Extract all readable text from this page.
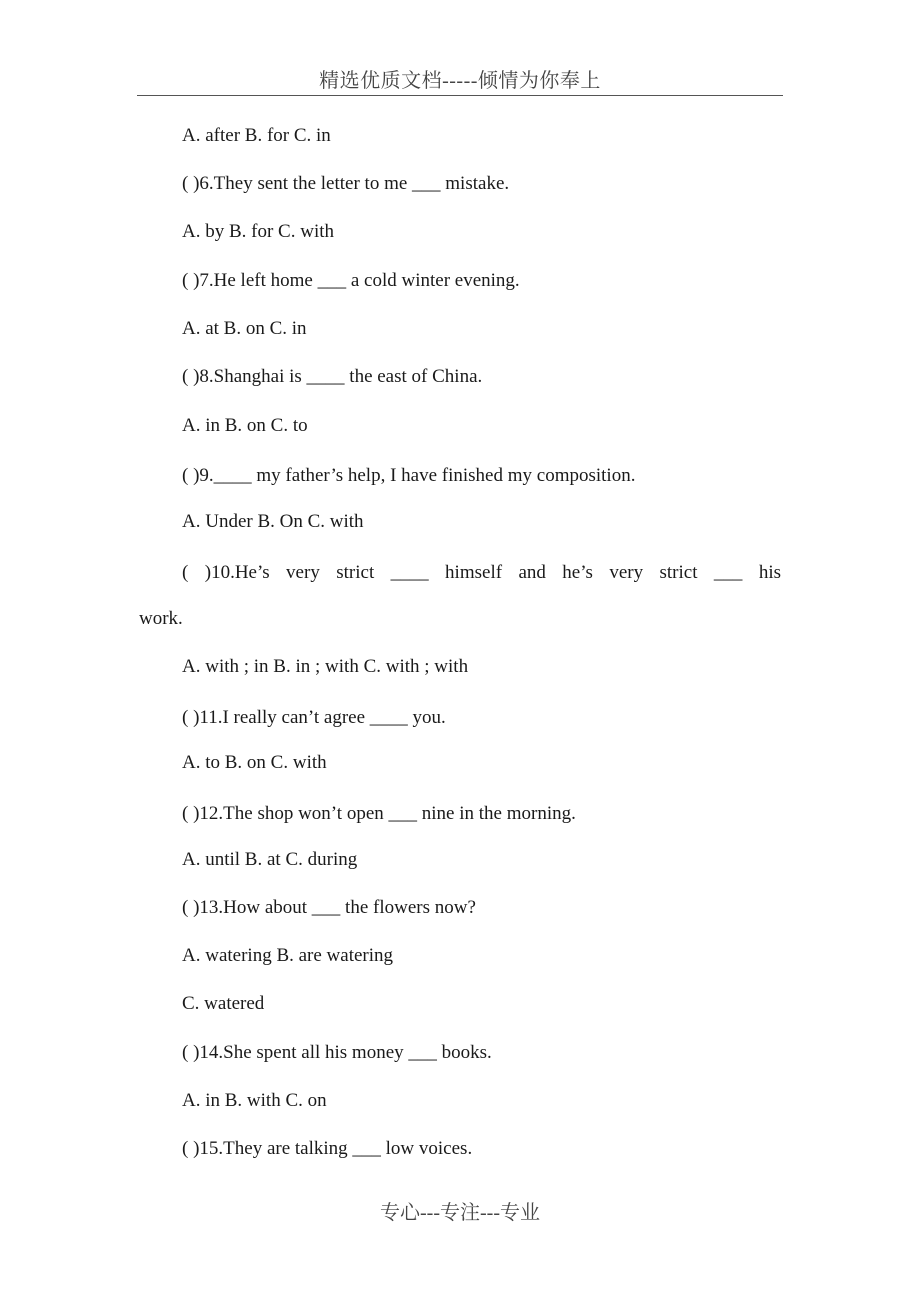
精选优质文档-----倾情为你奉上
A. after B. for C. in
( )6.They sent the letter to me ___ mistake.
A. by B. for C. with
( )7.He left home ___ a cold winter evening.
A. at B. on C. in
( )8.Shanghai is ____ the east of China.
A. in B. on C. to
( )9.____ my father’s help, I have finished my composition.
A. Under B. On C. with
( )10.He’s very strict ____ himself and he’s very strict ___ his
work.
A. with ; in B. in ; with C. with ; with
( )11.I really can’t agree ____ you.
A. to B. on C. with
( )12.The shop won’t open ___ nine in the morning.
A. until B. at C. during
( )13.How about ___ the flowers now?
A. watering B. are watering
C. watered
( )14.She spent all his money ___ books.
A. in B. with C. on
( )15.They are talking ___ low voices.
专心---专注---专业
